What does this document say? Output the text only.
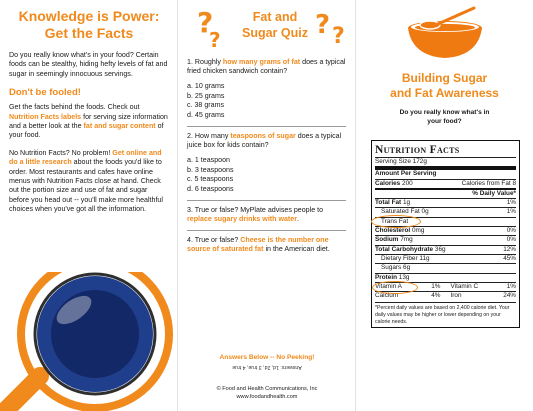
Knowledge is Power:
Get the Facts

Do you really know what's in your food? Certain foods can be stealthy, hiding hefty levels of fat and sugar in seemingly innocuous servings.

Don't be fooled!

Get the facts behind the foods. Check out Nutrition Facts labels for serving size information and a better look at the fat and sugar content of your food.

No Nutrition Facts? No problem! Get online and do a little research about the foods you'd like to order. Most restaurants and cafes have online menus with Nutrition Facts close at hand. Check out the portion size and use of fat and sugar before you head out -- you'll make more healthful choices when you've got all the information.

?
?
Fat and
Sugar Quiz ? ?

1. Roughly how many grams of fat does a typical fried chicken sandwich contain?

a. 10 grams
b. 25 grams
c. 38 grams
d. 45 grams

2. How many teaspoons of sugar does a typical juice box for kids contain?

a. 1 teaspoon
b. 3 teaspoons
c. 5 teaspoons
d. 6 teaspoons

3. True or false? MyPlate advises people to replace sugary drinks with water.

4. True or false? Cheese is the number one source of saturated fat in the American diet.

Answers Below -- No Peeking!
Answers: 1d, 2d, 3 true, 4 true
© Food and Health Communications, Inc
www.foodandhealth.com
Building Sugar
and Fat Awareness
Do you really know what's in
your food?
Nutrition Facts
Serving Size 172g
Amount Per Serving
Calories 200	Calories from Fat 8
% Daily Value*
Total Fat 1g	1%
Saturated Fat 0g	1%
Trans Fat
Cholesterol 0mg	0%
Sodium 7mg	0%
Total Carbohydrate 36g	12%
Dietary Fiber 11g	45%
Sugars 6g
Protein 13g
Vitamin A	1%	Vitamin C	1%
Calcium	4%	Iron	24%
*Percent daily values are based on 2,400 calorie diet. Your daily values may be higher or lower depending on your calorie needs.
